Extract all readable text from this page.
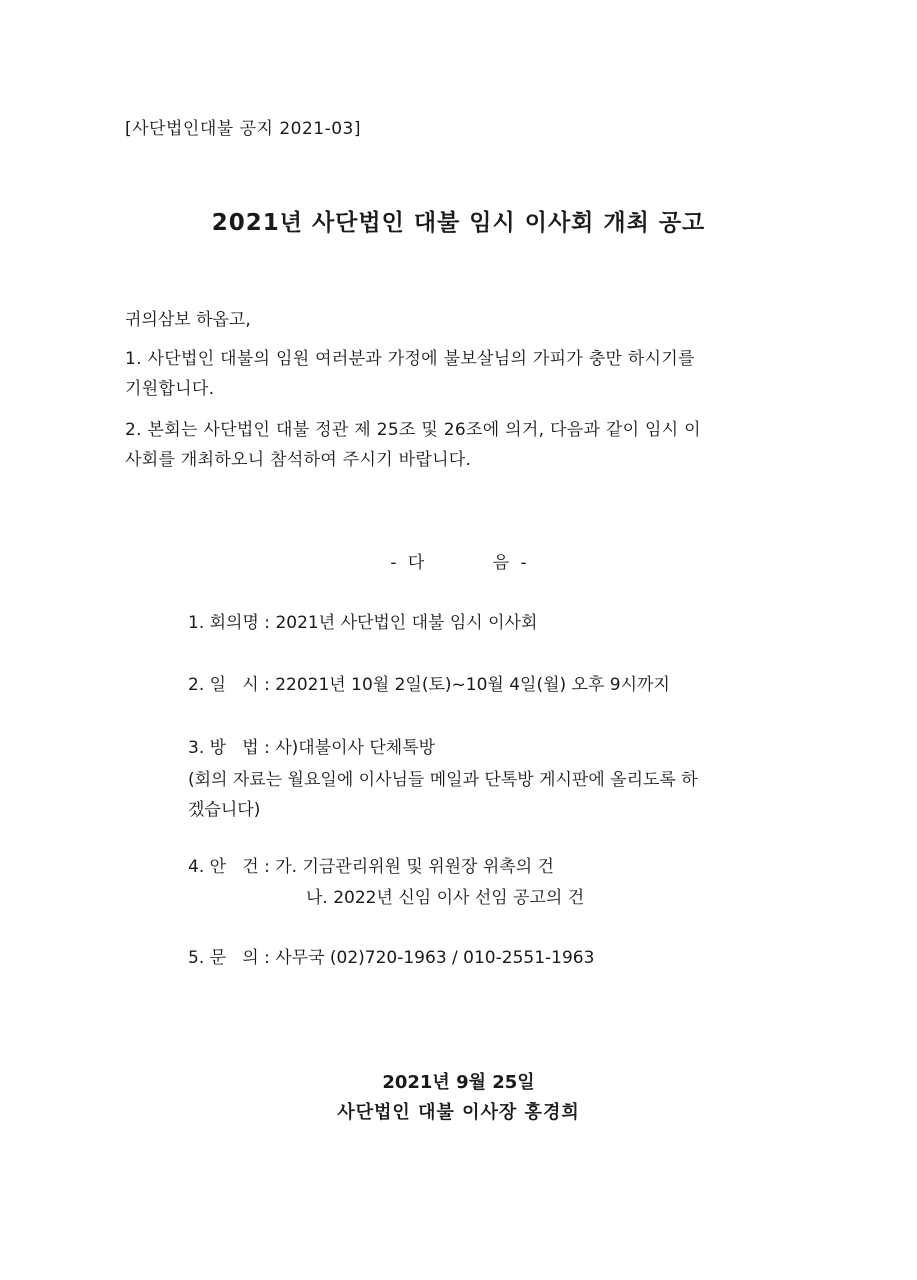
[사단법인대불 공지 2021-03]
2021년 사단법인 대불 임시 이사회 개최 공고
귀의삼보 하옵고,
1. 사단법인 대불의 임원 여러분과 가정에 불보살님의 가피가 충만 하시기를
기원합니다.
2. 본회는 사단법인 대불 정관 제 25조 및 26조에 의거, 다음과 같이 임시 이
사회를 개최하오니 참석하여 주시기 바랍니다.
- 다      음 -
1. 회의명 : 2021년 사단법인 대불 임시 이사회
2. 일   시 : 22021년 10월 2일(토)~10월 4일(월) 오후 9시까지
3. 방   법 : 사)대불이사 단체톡방
(회의 자료는 월요일에 이사님들 메일과 단톡방 게시판에 올리도록 하
겠습니다)
4. 안   건 : 가. 기금관리위원 및 위원장 위촉의 건
나. 2022년 신임 이사 선임 공고의 건
5. 문   의 : 사무국 (02)720-1963 / 010-2551-1963
2021년 9월 25일
사단법인 대불 이사장 홍경희
